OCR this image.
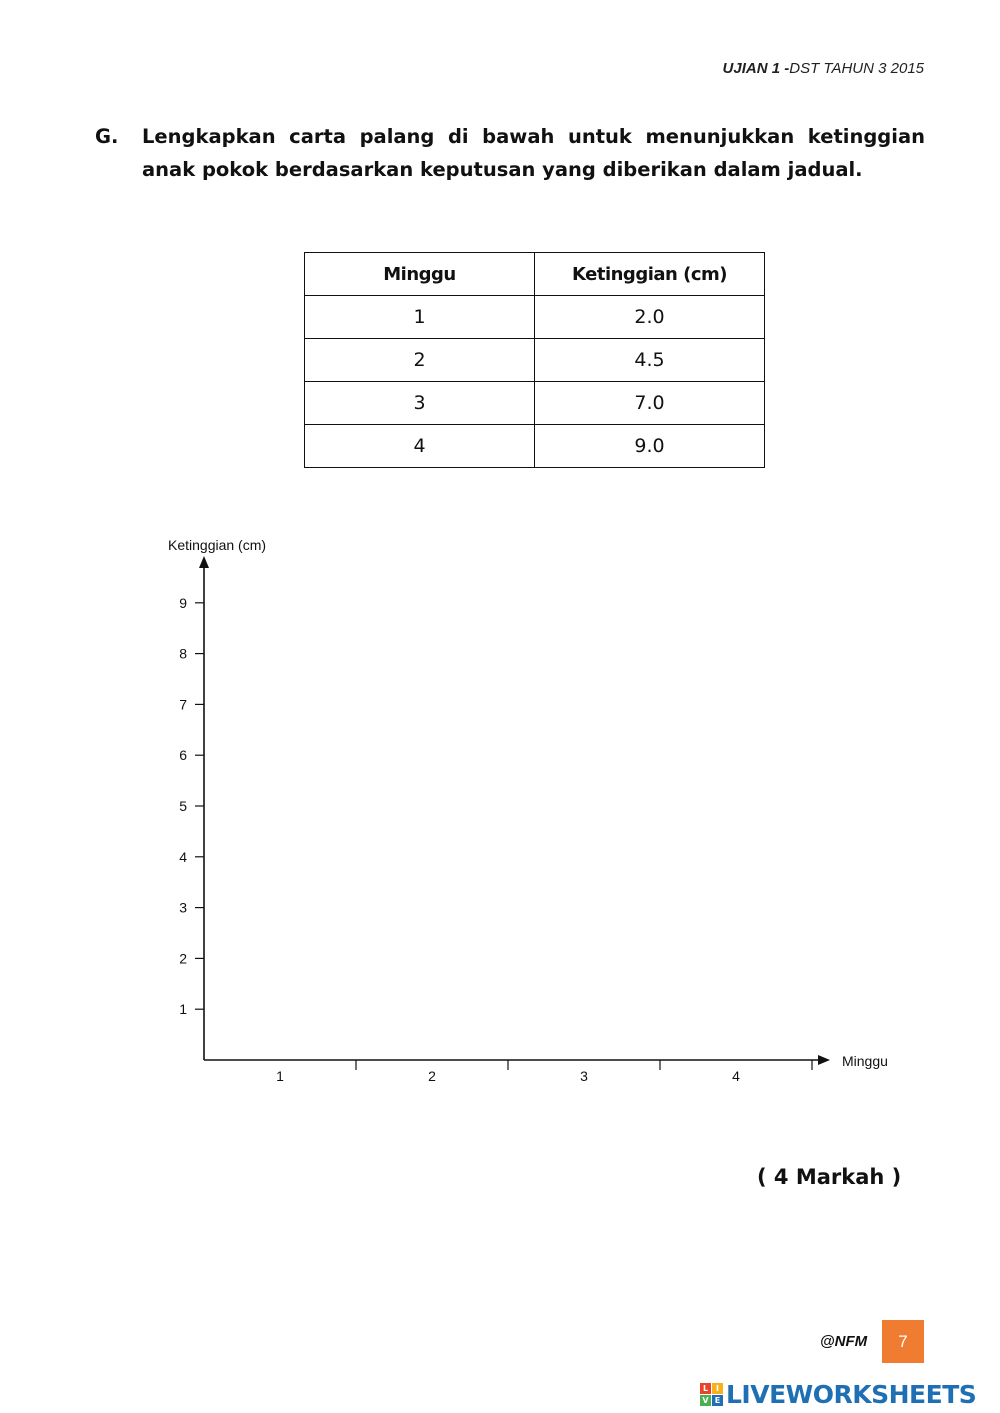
UJIAN 1 -DST TAHUN 3 2015
G. Lengkapkan carta palang di bawah untuk menunjukkan ketinggian anak pokok berdasarkan keputusan yang diberikan dalam jadual.
Minggu	Ketinggian (cm)
1	2.0
2	4.5
3	7.0
4	9.0
Ketinggian (cm)
Minggu
1
2
3
4
5
6
7
8
9
1	2	3	4
( 4 Markah )
@NFM	7
L I
V E LIVEWORKSHEETS
